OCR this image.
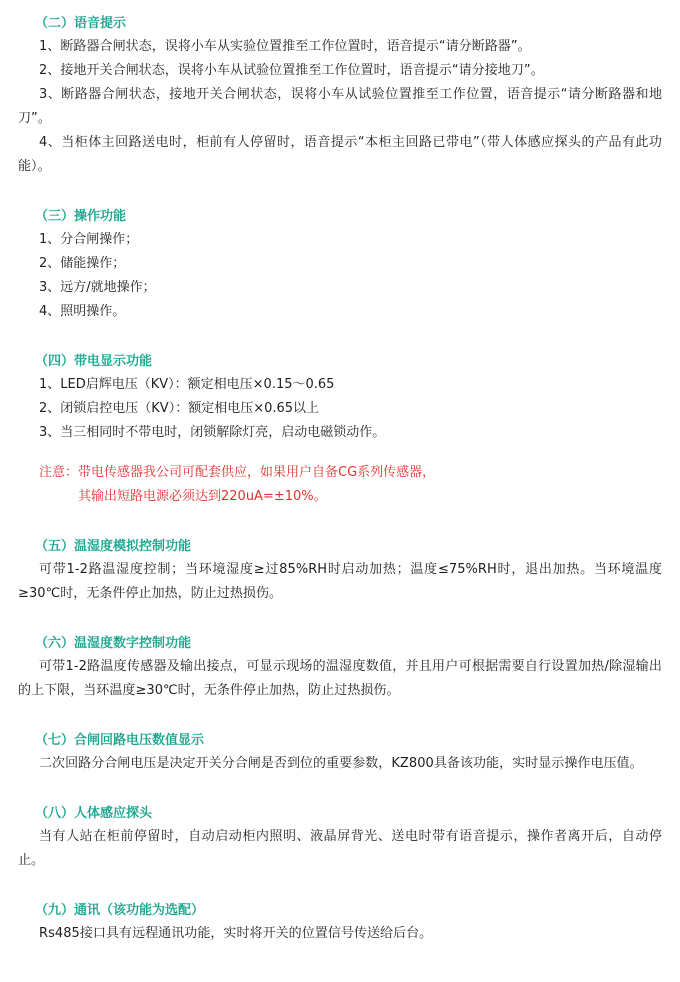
（二）语音提示

1、断路器合闸状态，误将小车从实验位置推至工作位置时，语音提示“请分断路器”。

2、接地开关合闸状态，误将小车从试验位置推至工作位置时，语音提示“请分接地刀”。

3、断路器合闸状态，接地开关合闸状态，误将小车从试验位置推至工作位置，语音提示“请分断路器和地刀”。

4、当柜体主回路送电时，柜前有人停留时，语音提示“本柜主回路已带电”（带人体感应探头的产品有此功能）。

（三）操作功能

1、分合闸操作；

2、储能操作；

3、远方/就地操作；

4、照明操作。

（四）带电显示功能

1、LED启辉电压（KV）：额定相电压×0.15～0.65

2、闭锁启控电压（KV）：额定相电压×0.65以上

3、当三相同时不带电时，闭锁解除灯亮，启动电磁锁动作。

注意：带电传感器我公司可配套供应，如果用户自备CG系列传感器，

其输出短路电源必须达到220uA=±10%。

（五）温湿度模拟控制功能

可带1-2路温湿度控制；当环境湿度≥过85%RH时启动加热；温度≤75%RH时，退出加热。当环境温度≥30℃时，无条件停止加热，防止过热损伤。

（六）温湿度数字控制功能

可带1-2路温度传感器及输出接点，可显示现场的温湿度数值，并且用户可根据需要自行设置加热/除湿输出的上下限，当环温度≥30℃时，无条件停止加热，防止过热损伤。

（七）合闸回路电压数值显示

二次回路分合闸电压是决定开关分合闸是否到位的重要参数，KZ800具备该功能，实时显示操作电压值。

（八）人体感应探头

当有人站在柜前停留时，自动启动柜内照明、液晶屏背光、送电时带有语音提示，操作者离开后，自动停止。

（九）通讯（该功能为选配）

Rs485接口具有远程通讯功能，实时将开关的位置信号传送给后台。
